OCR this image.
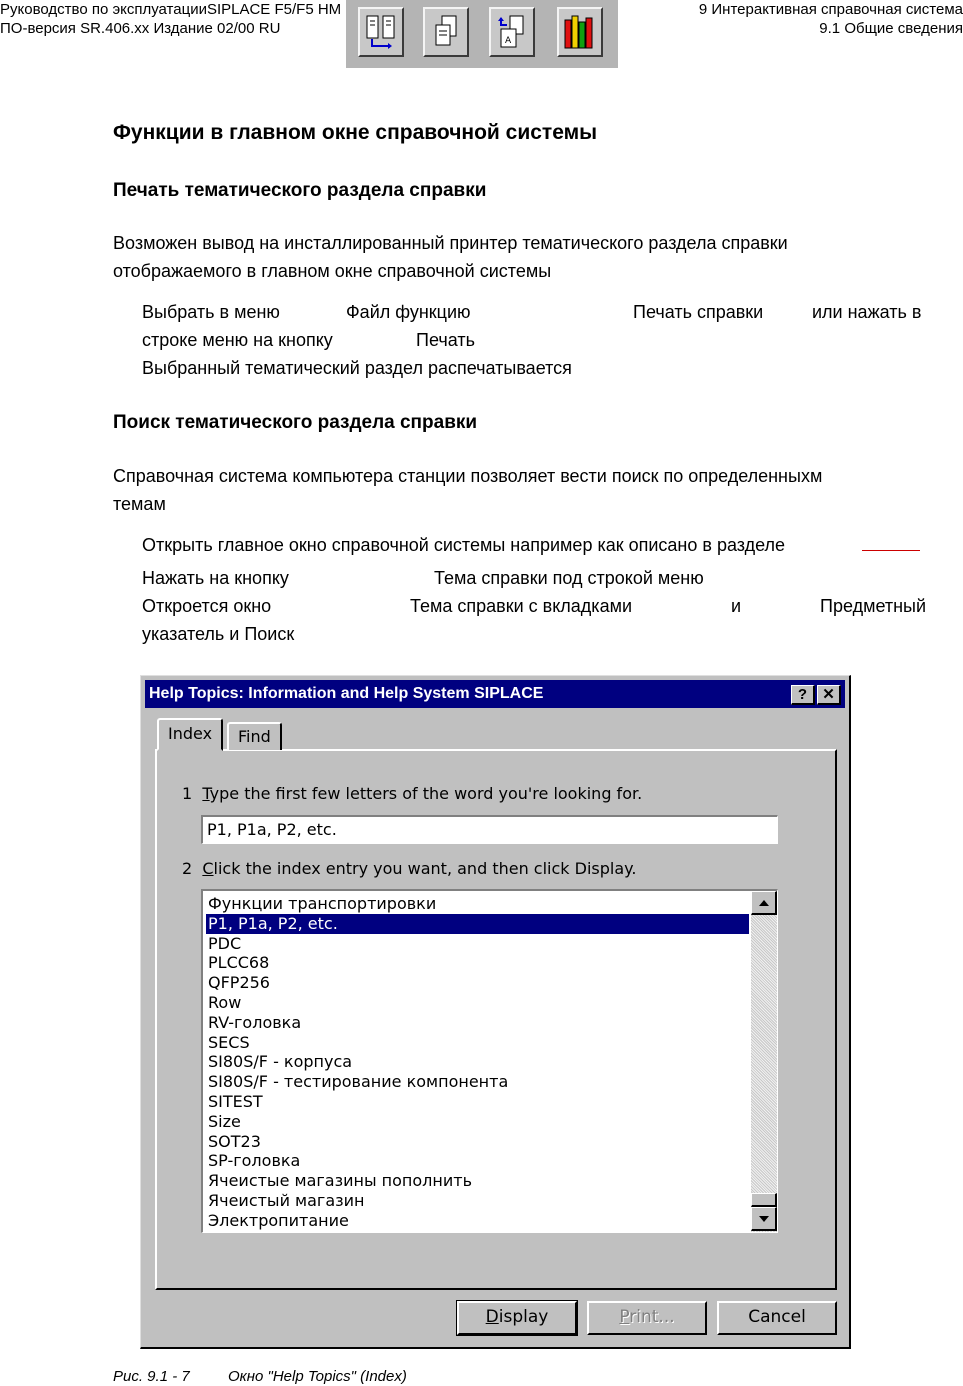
Руководство по эксплуатацииSIPLACE F5/F5 HM
ПО-версия SR.406.xx Издание 02/00 RU
9 Интерактивная справочная система
9.1 Общие сведения
A
Функции в главном окне справочной системы
Печать тематического раздела справки
Возможен вывод на инсталлированный принтер тематического раздела справки
отображаемого в главном окне справочной системы
Выбрать в меню	Файл функцию	Печать справки	или нажать в
строке меню на кнопку	Печать
Выбранный тематический раздел распечатывается
Поиск тематического раздела справки
Справочная система компьютера станции позволяет вести поиск по определенныхм
темам
Открыть главное окно справочной системы например как описано в разделе
Нажать на кнопку	Тема справки под строкой меню
Откроется окно	Тема справки с вкладками	и	Предметный
указатель и Поиск
Help Topics: Information and Help System SIPLACE	?	✕
Index	Find
1 Type the first few letters of the word you're looking for.
P1, P1a, P2, etc.
2 Click the index entry you want, and then click Display.
Функции транспортировки
P1, P1a, P2, etc.
PDC
PLCC68
QFP256
Row
RV-головка
SECS
SI80S/F - корпуса
SI80S/F - тестирование компонента
SITEST
Size
SOT23
SP-головка
Ячеистые магазины пополнить
Ячеистый магазин
Электропитание
Display	Print...	Cancel
Рис. 9.1 - 7	Окно "Help Topics" (Index)
